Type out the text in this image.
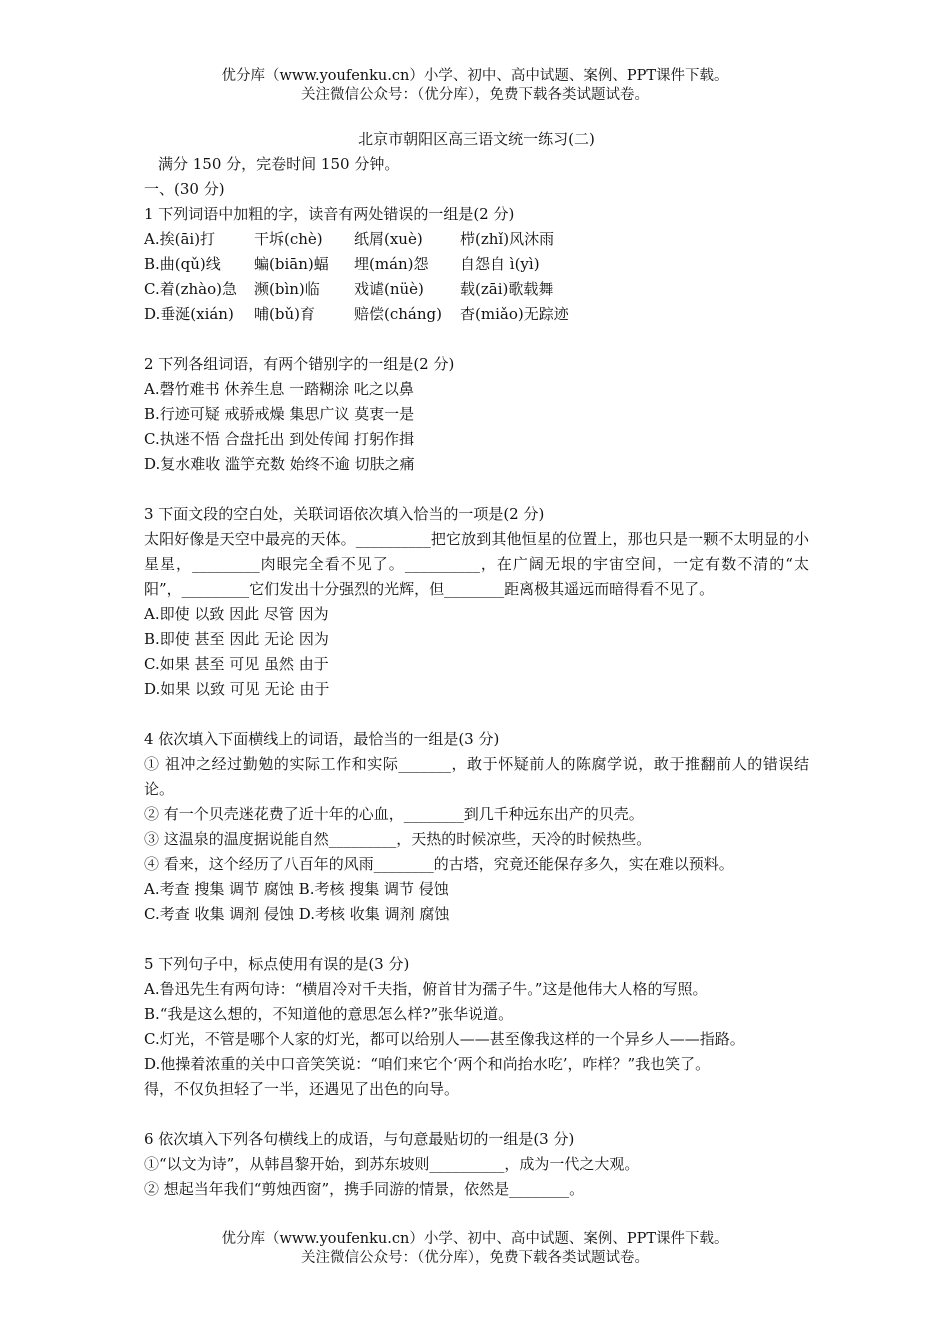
优分库（www.youfenku.cn）小学、初中、高中试题、案例、PPT课件下载。
关注微信公众号：（优分库），免费下载各类试题试卷。
北京市朝阳区高三语文统一练习(二)
满分 150 分，完卷时间 150 分钟。
一、(30 分)
1 下列词语中加粗的字，读音有两处错误的一组是(2 分)
A.挨(āi)打	干坼(chè) 纸屑(xuè) 栉(zhǐ)风沐雨
B.曲(qǔ)线 蝙(biān)蝠 埋(mán)怨 自怨自 ì(yì)
C.着(zhào)急 濒(bìn)临 戏谑(nüè) 载(zāi)歌载舞
D.垂涎(xián) 哺(bǔ)育	赔偿(cháng) 杳(miǎo)无踪迹
2 下列各组词语，有两个错别字的一组是(2 分)
A.磬竹难书 休养生息 一踏糊涂 叱之以鼻
B.行迹可疑 戒骄戒燥 集思广议 莫衷一是
C.执迷不悟 合盘托出 到处传闻 打躬作揖
D.复水难收 滥竽充数 始终不逾 切肤之痛
3 下面文段的空白处，关联词语依次填入恰当的一项是(2 分)
太阳好像是天空中最亮的天体。__________把它放到其他恒星的位置上，那也只是一颗不太明显的小星星，_________肉眼完全看不见了。__________，在广阔无垠的宇宙空间，一定有数不清的“太阳”，_________它们发出十分强烈的光辉，但________距离极其遥远而暗得看不见了。
A.即使 以致 因此 尽管 因为
B.即使 甚至 因此 无论 因为
C.如果 甚至 可见 虽然 由于
D.如果 以致 可见 无论 由于
4 依次填入下面横线上的词语，最恰当的一组是(3 分)
① 祖冲之经过勤勉的实际工作和实际_______，敢于怀疑前人的陈腐学说，敢于推翻前人的错误结论。
② 有一个贝壳迷花费了近十年的心血，________到几千种远东出产的贝壳。
③ 这温泉的温度据说能自然_________，天热的时候凉些，天冷的时候热些。
④ 看来，这个经历了八百年的风雨________的古塔，究竟还能保存多久，实在难以预料。
A.考查 搜集 调节 腐蚀 B.考核 搜集 调节 侵蚀
C.考查 收集 调剂 侵蚀 D.考核 收集 调剂 腐蚀
5 下列句子中，标点使用有误的是(3 分)
A.鲁迅先生有两句诗：“横眉冷对千夫指，俯首甘为孺子牛。”这是他伟大人格的写照。
B.“我是这么想的，不知道他的意思怎么样?”张华说道。
C.灯光，不管是哪个人家的灯光，都可以给别人——甚至像我这样的一个异乡人——指路。
D.他操着浓重的关中口音笑笑说：“咱们来它个‘两个和尚抬水吃’，咋样？”我也笑了。
得，不仅负担轻了一半，还遇见了出色的向导。
6 依次填入下列各句横线上的成语，与句意最贴切的一组是(3 分)
①“以文为诗”，从韩昌黎开始，到苏东坡则__________，成为一代之大观。
② 想起当年我们“剪烛西窗”，携手同游的情景，依然是________。
优分库（www.youfenku.cn）小学、初中、高中试题、案例、PPT课件下载。
关注微信公众号：（优分库），免费下载各类试题试卷。
